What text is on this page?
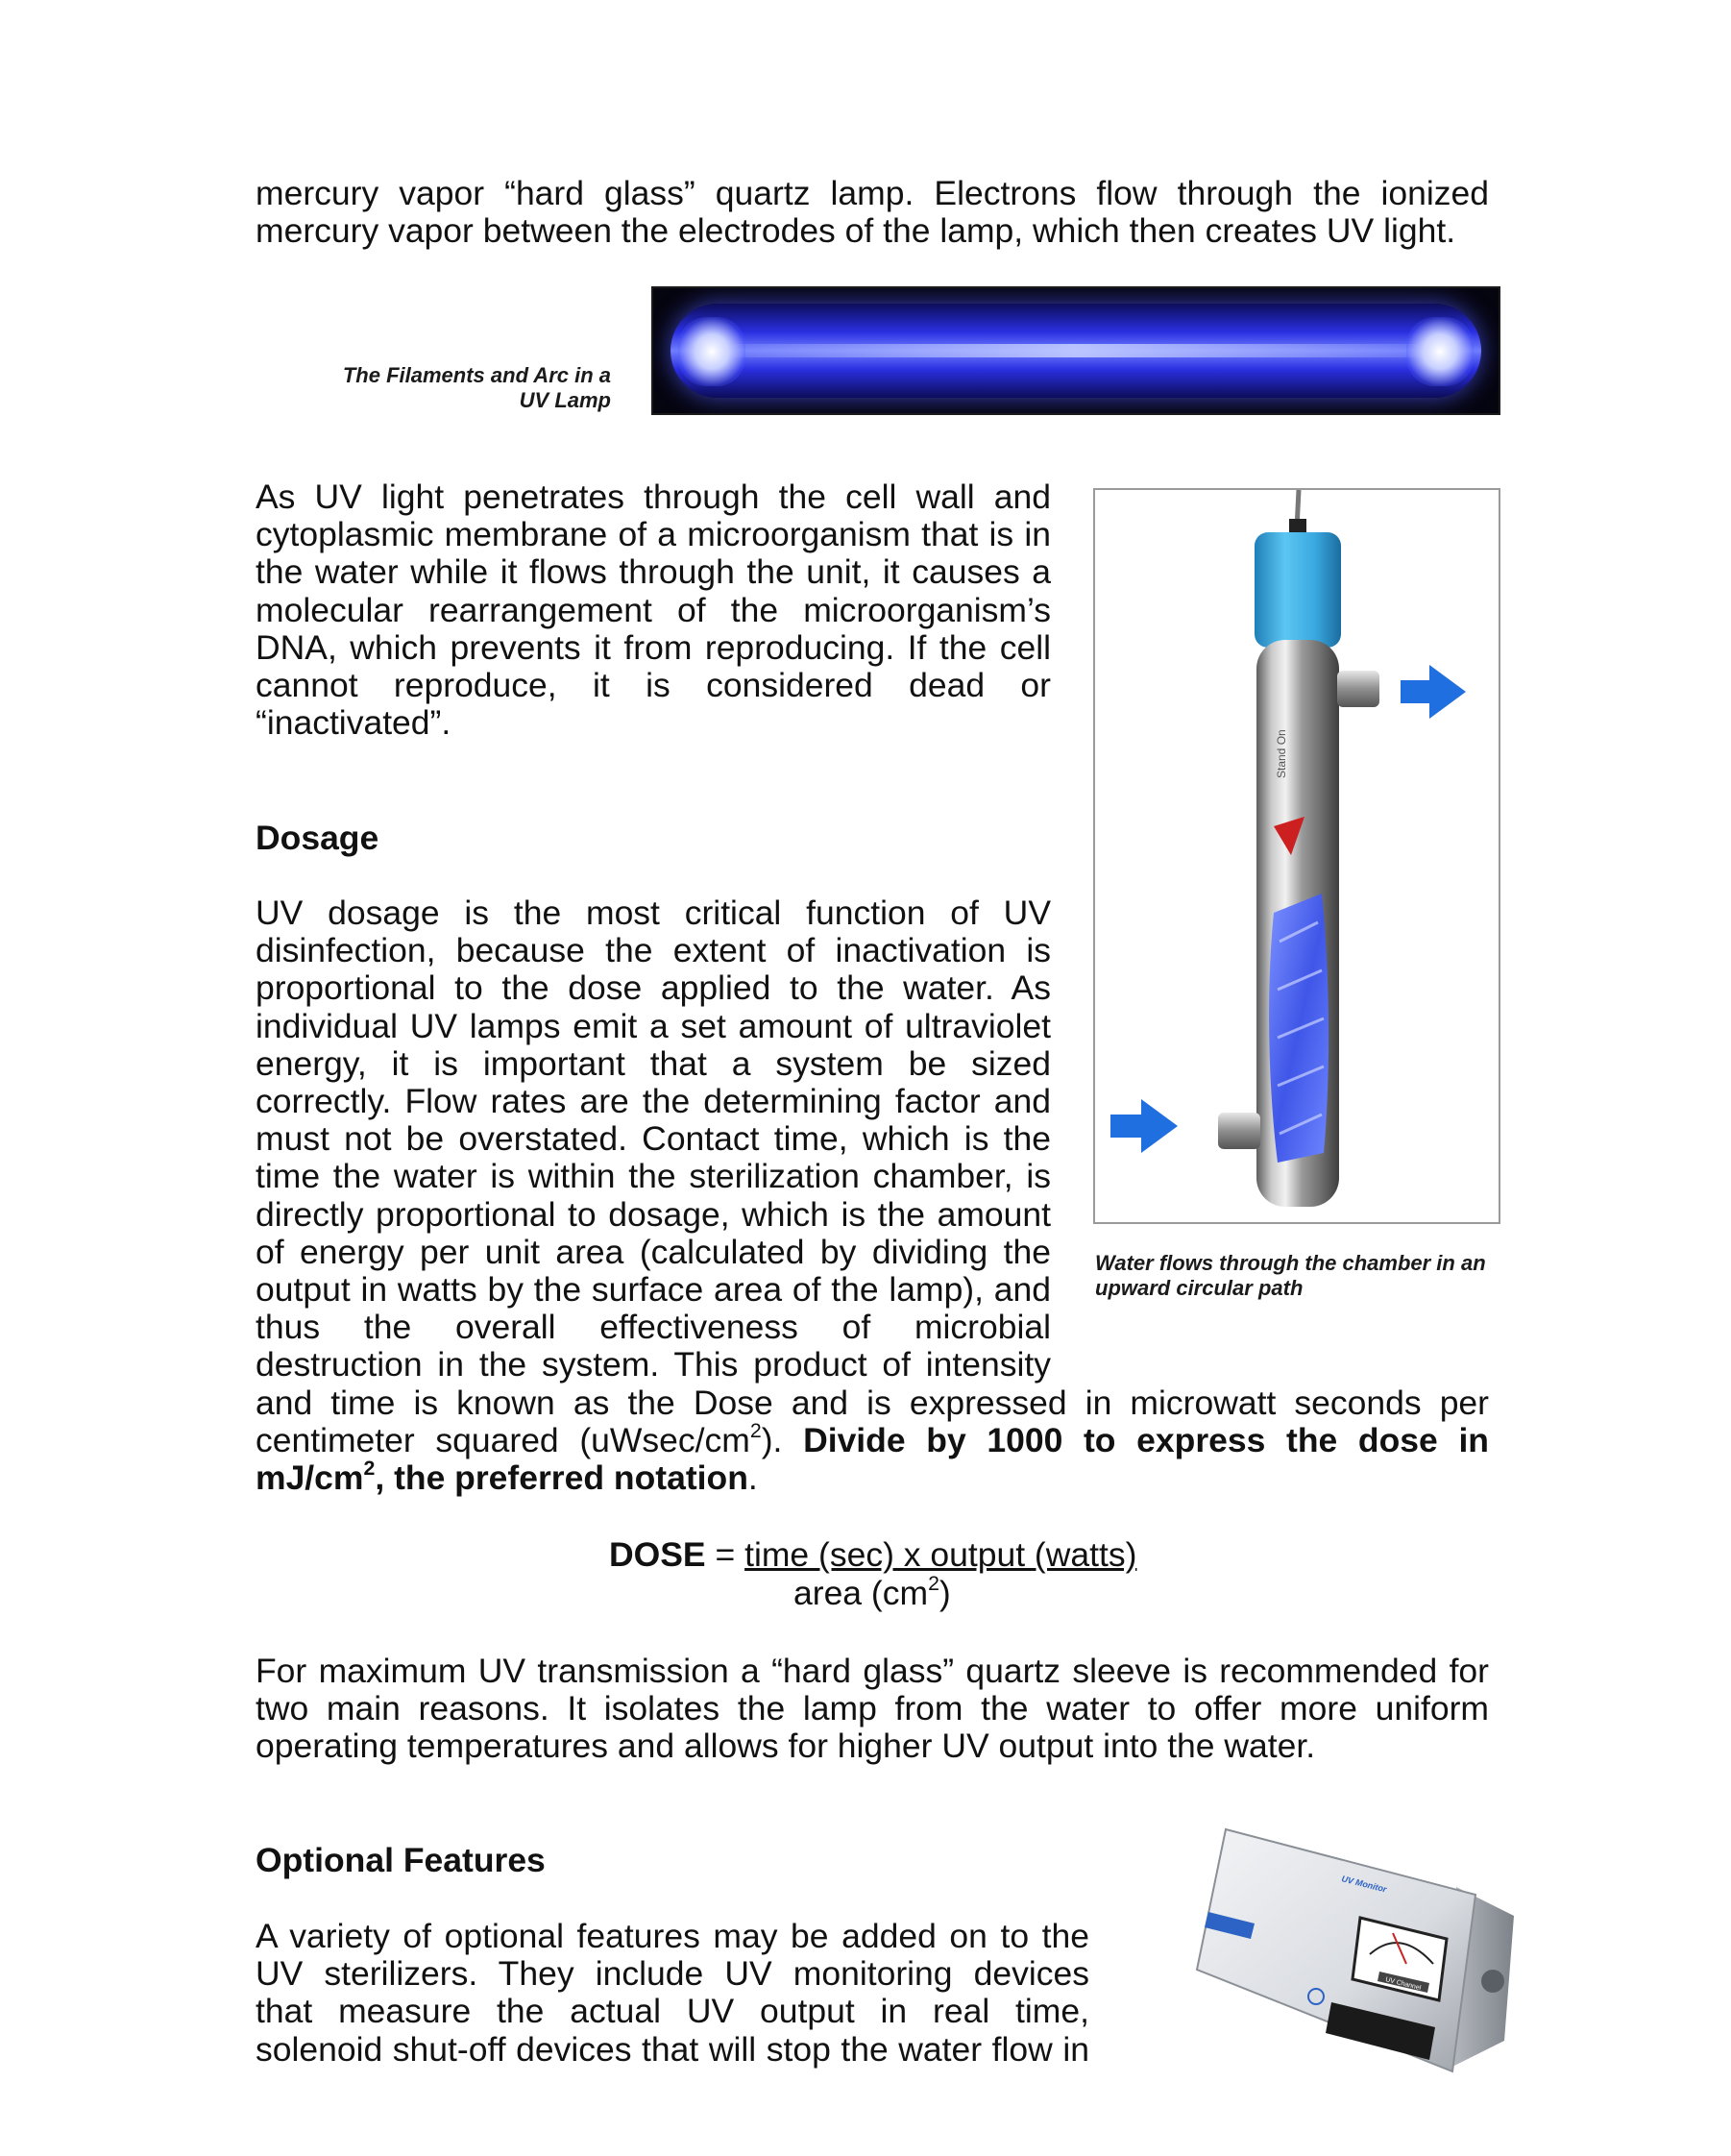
mercury vapor “hard glass” quartz lamp. Electrons flow through the ionized
mercury vapor between the electrodes of the lamp, which then creates UV light.
The Filaments and Arc in a
UV Lamp
As UV light penetrates through the cell wall and
cytoplasmic membrane of a microorganism that is in
the water while it flows through the unit, it causes a
molecular rearrangement of the microorganism’s
DNA, which prevents it from reproducing. If the cell
cannot reproduce, it is considered dead or
“inactivated”.
Dosage
UV dosage is the most critical function of UV
disinfection, because the extent of inactivation is
proportional to the dose applied to the water. As
individual UV lamps emit a set amount of ultraviolet
energy, it is important that a system be sized
correctly. Flow rates are the determining factor and
must not be overstated. Contact time, which is the
time the water is within the sterilization chamber, is
directly proportional to dosage, which is the amount
of energy per unit area (calculated by dividing the
output in watts by the surface area of the lamp), and
thus the overall effectiveness of microbial
destruction in the system. This product of intensity
and time is known as the Dose and is expressed in microwatt seconds per
centimeter squared $(uWsec/cm^2)$. Divide by 1000 to express the dose in
$mJ/cm^2$, the preferred notation.
Stand On
Water flows through the chamber in an
upward circular path
DOSE = time (sec) x output (watts)
area $(cm^2)$
For maximum UV transmission a “hard glass” quartz sleeve is recommended for
two main reasons. It isolates the lamp from the water to offer more uniform
operating temperatures and allows for higher UV output into the water.
Optional Features
A variety of optional features may be added on to the
UV sterilizers. They include UV monitoring devices
that measure the actual UV output in real time,
solenoid shut-off devices that will stop the water flow in
UV Monitor
UV Channel
